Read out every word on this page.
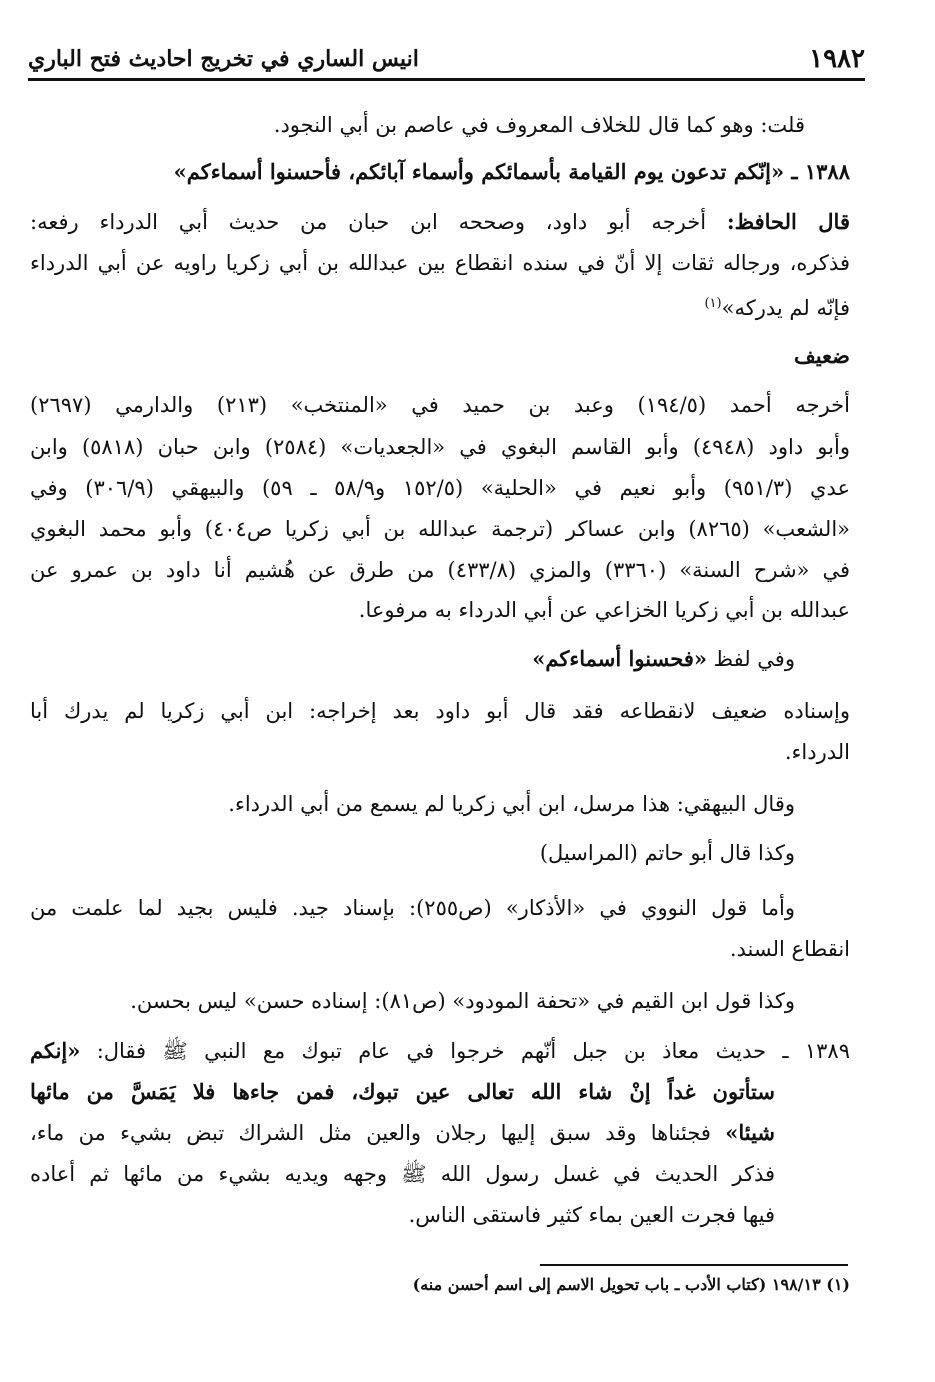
١٩٨٢
انيس الساري في تخريج احاديث فتح الباري
قلت: وهو كما قال للخلاف المعروف في عاصم بن أبي النجود.
١٣٨٨ ـ «إنّكم تدعون يوم القيامة بأسمائكم وأسماء آبائكم، فأحسنوا أسماءكم»
قال الحافظ: أخرجه أبو داود، وصححه ابن حبان من حديث أبي الدرداء رفعه:
فذكره، ورجاله ثقات إلا أنّ في سنده انقطاع بين عبدالله بن أبي زكريا راويه عن أبي الدرداء
فإنّه لم يدركه»$^{(١)}$
ضعيف
أخرجه أحمد (١٩٤/٥) وعبد بن حميد في «المنتخب» (٢١٣) والدارمي (٢٦٩٧)
وأبو داود (٤٩٤٨) وأبو القاسم البغوي في «الجعديات» (٢٥٨٤) وابن حبان (٥٨١٨) وابن
عدي (٩٥١/٣) وأبو نعيم في «الحلية» (١٥٢/٥ و٥٨/٩ ـ ٥٩) والبيهقي (٣٠٦/٩) وفي
«الشعب» (٨٢٦٥) وابن عساكر (ترجمة عبدالله بن أبي زكريا ص٤٠٤) وأبو محمد البغوي
في «شرح السنة» (٣٣٦٠) والمزي (٤٣٣/٨) من طرق عن هُشيم أنا داود بن عمرو عن
عبدالله بن أبي زكريا الخزاعي عن أبي الدرداء به مرفوعا.
وفي لفظ «فحسنوا أسماءكم»
وإسناده ضعيف لانقطاعه فقد قال أبو داود بعد إخراجه: ابن أبي زكريا لم يدرك أبا
الدرداء.
وقال البيهقي: هذا مرسل، ابن أبي زكريا لم يسمع من أبي الدرداء.
وكذا قال أبو حاتم (المراسيل)
وأما قول النووي في «الأذكار» (ص٢٥٥): بإسناد جيد. فليس بجيد لما علمت من
انقطاع السند.
وكذا قول ابن القيم في «تحفة المودود» (ص٨١): إسناده حسن» ليس بحسن.
١٣٨٩ ـ حديث معاذ بن جبل أنّهم خرجوا في عام تبوك مع النبي ﷺ فقال: «إنكم
ستأتون غداً إنْ شاء الله تعالى عين تبوك، فمن جاءها فلا يَمَسَّ من مائها
شيئا» فجئناها وقد سبق إليها رجلان والعين مثل الشراك تبض بشيء من ماء،
فذكر الحديث في غسل رسول الله ﷺ وجهه ويديه بشيء من مائها ثم أعاده
فيها فجرت العين بماء كثير فاستقى الناس.
(١) ١٩٨/١٣ (كتاب الأدب ـ باب تحويل الاسم إلى اسم أحسن منه)
